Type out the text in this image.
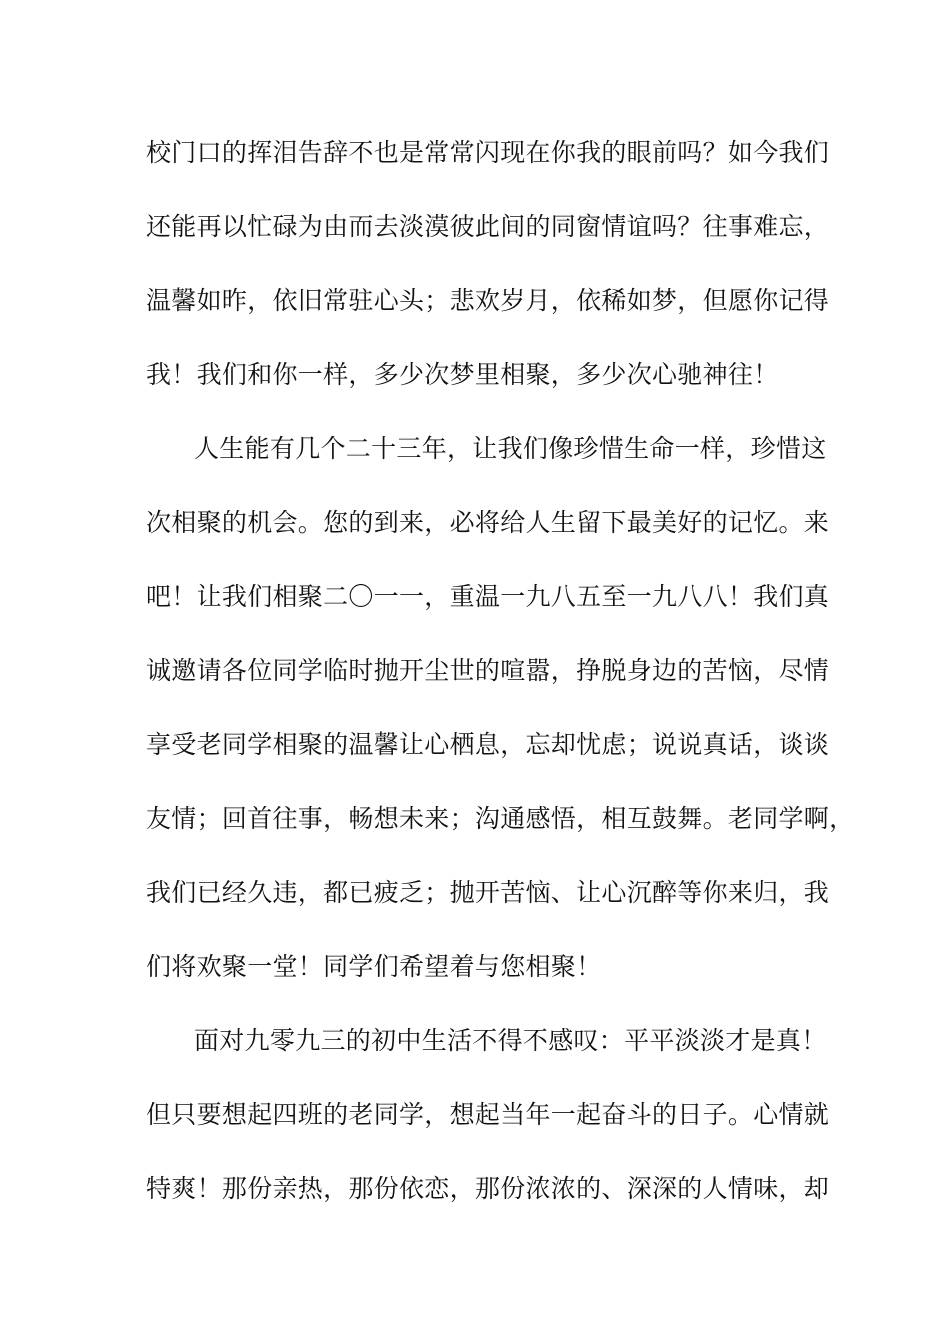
校门口的挥泪告辞不也是常常闪现在你我的眼前吗？如今我们
还能再以忙碌为由而去淡漠彼此间的同窗情谊吗？往事难忘，
温馨如昨，依旧常驻心头；悲欢岁月，依稀如梦，但愿你记得
我！我们和你一样，多少次梦里相聚，多少次心驰神往！
人生能有几个二十三年，让我们像珍惜生命一样，珍惜这
次相聚的机会。您的到来，必将给人生留下最美好的记忆。来
吧！让我们相聚二〇一一，重温一九八五至一九八八！我们真
诚邀请各位同学临时抛开尘世的喧嚣，挣脱身边的苦恼，尽情
享受老同学相聚的温馨让心栖息，忘却忧虑；说说真话，谈谈
友情；回首往事，畅想未来；沟通感悟，相互鼓舞。老同学啊，
我们已经久违，都已疲乏；抛开苦恼、让心沉醉等你来归，我
们将欢聚一堂！同学们希望着与您相聚！
面对九零九三的初中生活不得不感叹：平平淡淡才是真！
但只要想起四班的老同学，想起当年一起奋斗的日子。心情就
特爽！那份亲热，那份依恋，那份浓浓的、深深的人情味，却
